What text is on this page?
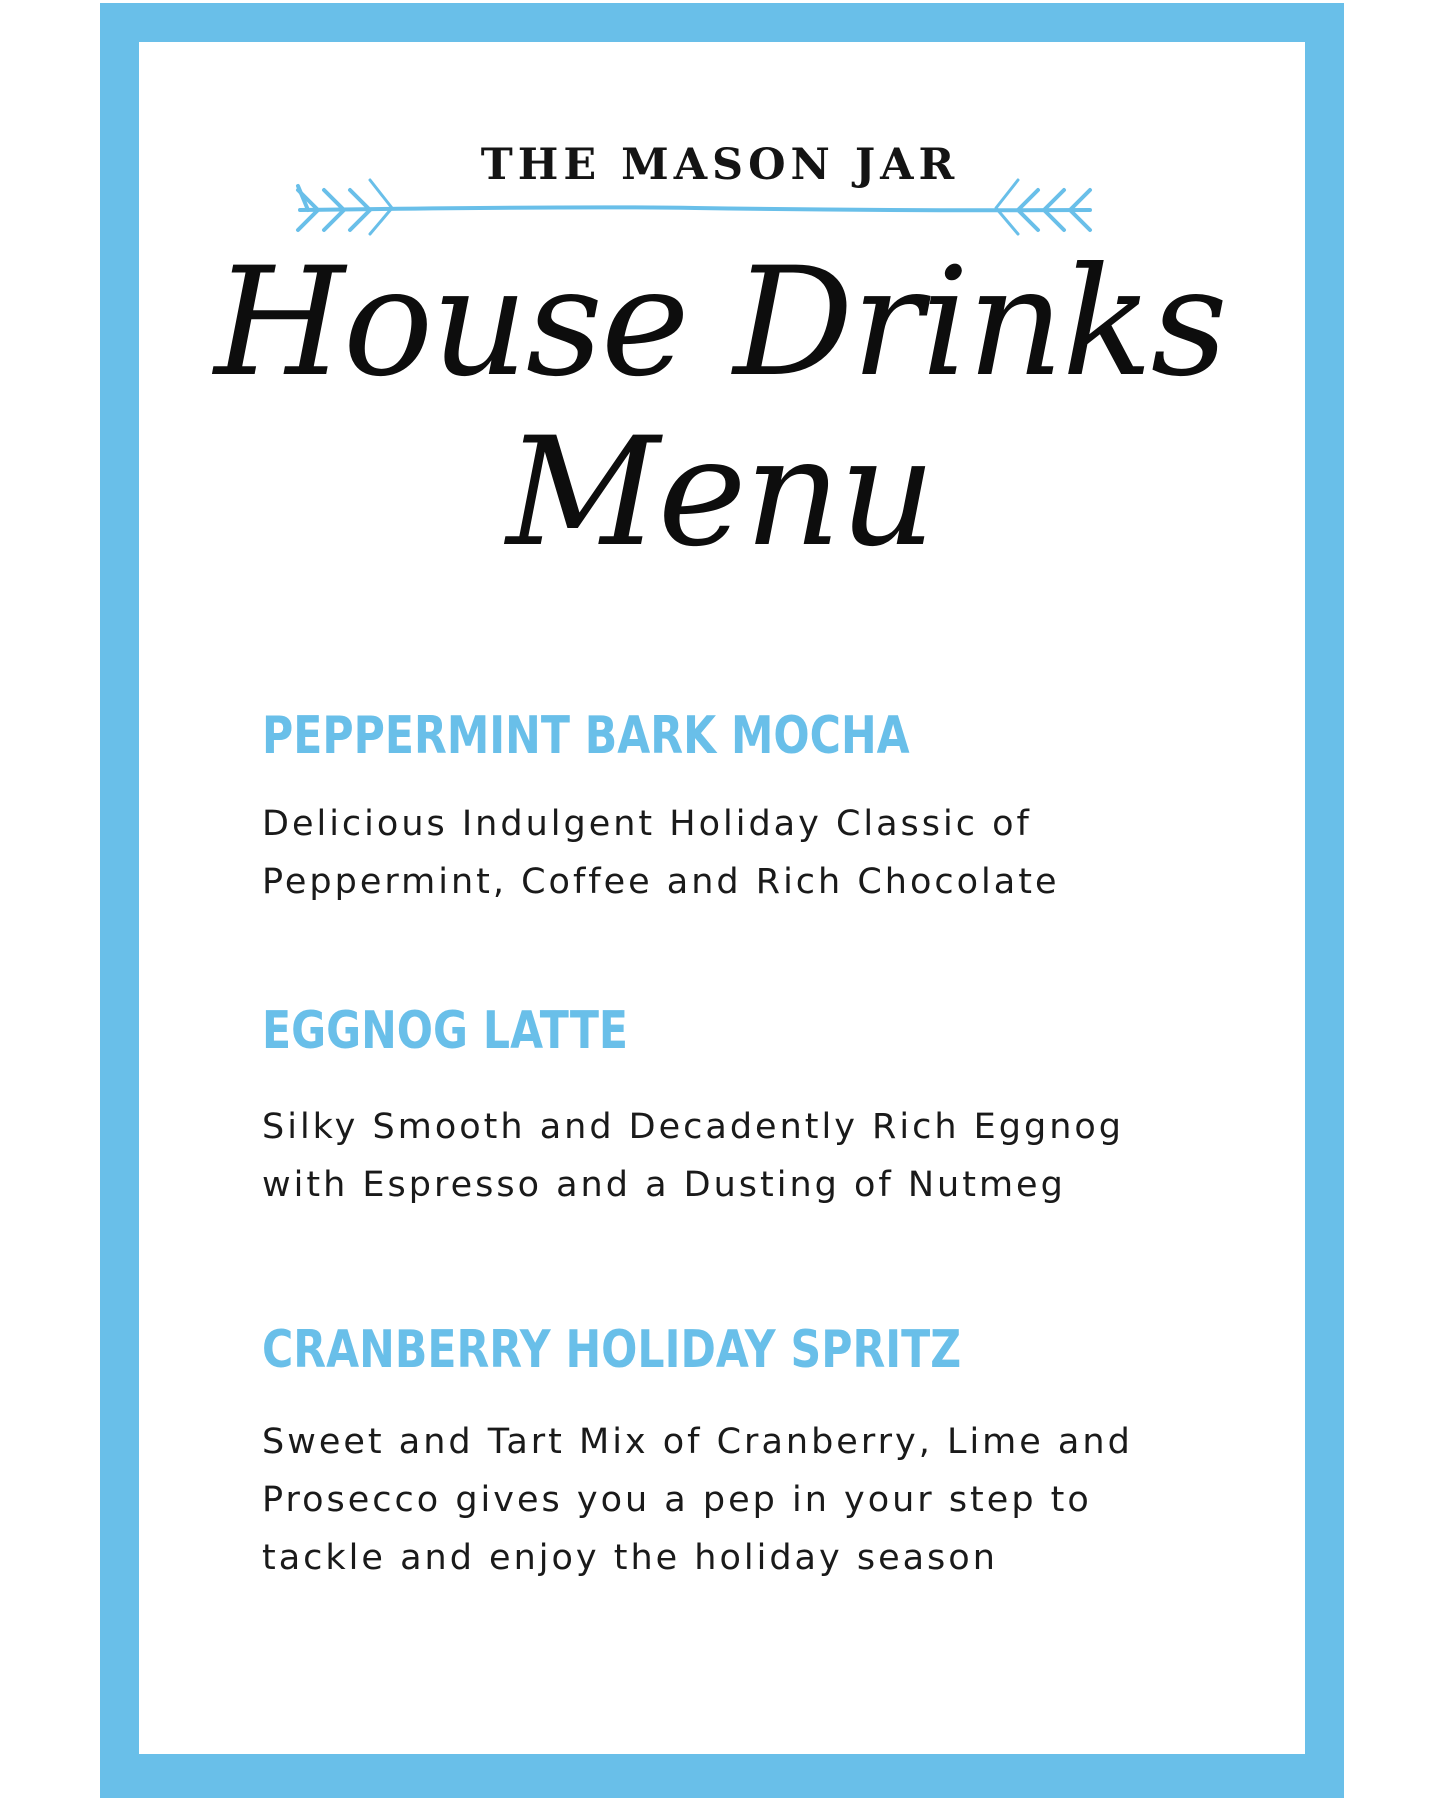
THE MASON JAR
House Drinks
Menu
PEPPERMINT BARK MOCHA

Delicious Indulgent Holiday Classic of Peppermint, Coffee and Rich Chocolate

EGGNOG LATTE

Silky Smooth and Decadently Rich Eggnog with Espresso and a Dusting of Nutmeg

CRANBERRY HOLIDAY SPRITZ

Sweet and Tart Mix of Cranberry, Lime and Prosecco gives you a pep in your step to tackle and enjoy the holiday season
